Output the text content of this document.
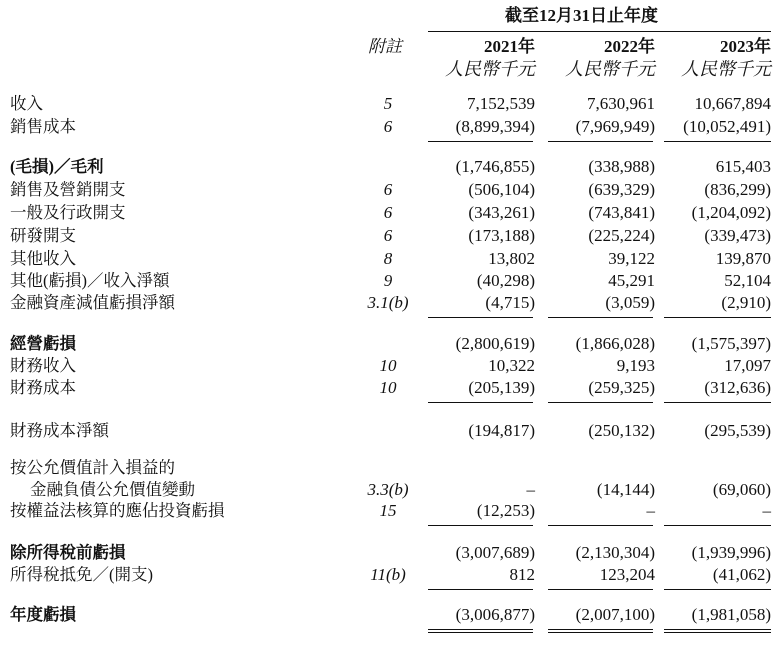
截至12月31日止年度
附註	2021年	2022年	2023年
人民幣千元	人民幣千元	人民幣千元
收入	5	7,152,539	7,630,961	10,667,894
銷售成本	6	(8,899,394)	(7,969,949)	(10,052,491)
(毛損)／毛利	(1,746,855)	(338,988)	615,403
銷售及營銷開支	6	(506,104)	(639,329)	(836,299)
一般及行政開支	6	(343,261)	(743,841)	(1,204,092)
研發開支	6	(173,188)	(225,224)	(339,473)
其他收入	8	13,802	39,122	139,870
其他(虧損)／收入淨額	9	(40,298)	45,291	52,104
金融資產減值虧損淨額	3.1(b)	(4,715)	(3,059)	(2,910)
經營虧損	(2,800,619)	(1,866,028)	(1,575,397)
財務收入	10	10,322	9,193	17,097
財務成本	10	(205,139)	(259,325)	(312,636)
財務成本淨額	(194,817)	(250,132)	(295,539)
按公允價值計入損益的
金融負債公允價值變動	3.3(b)	–	(14,144)	(69,060)
按權益法核算的應佔投資虧損	15	(12,253)	–	–
除所得稅前虧損	(3,007,689)	(2,130,304)	(1,939,996)
所得稅抵免／(開支)	11(b)	812	123,204	(41,062)
年度虧損	(3,006,877)	(2,007,100)	(1,981,058)
